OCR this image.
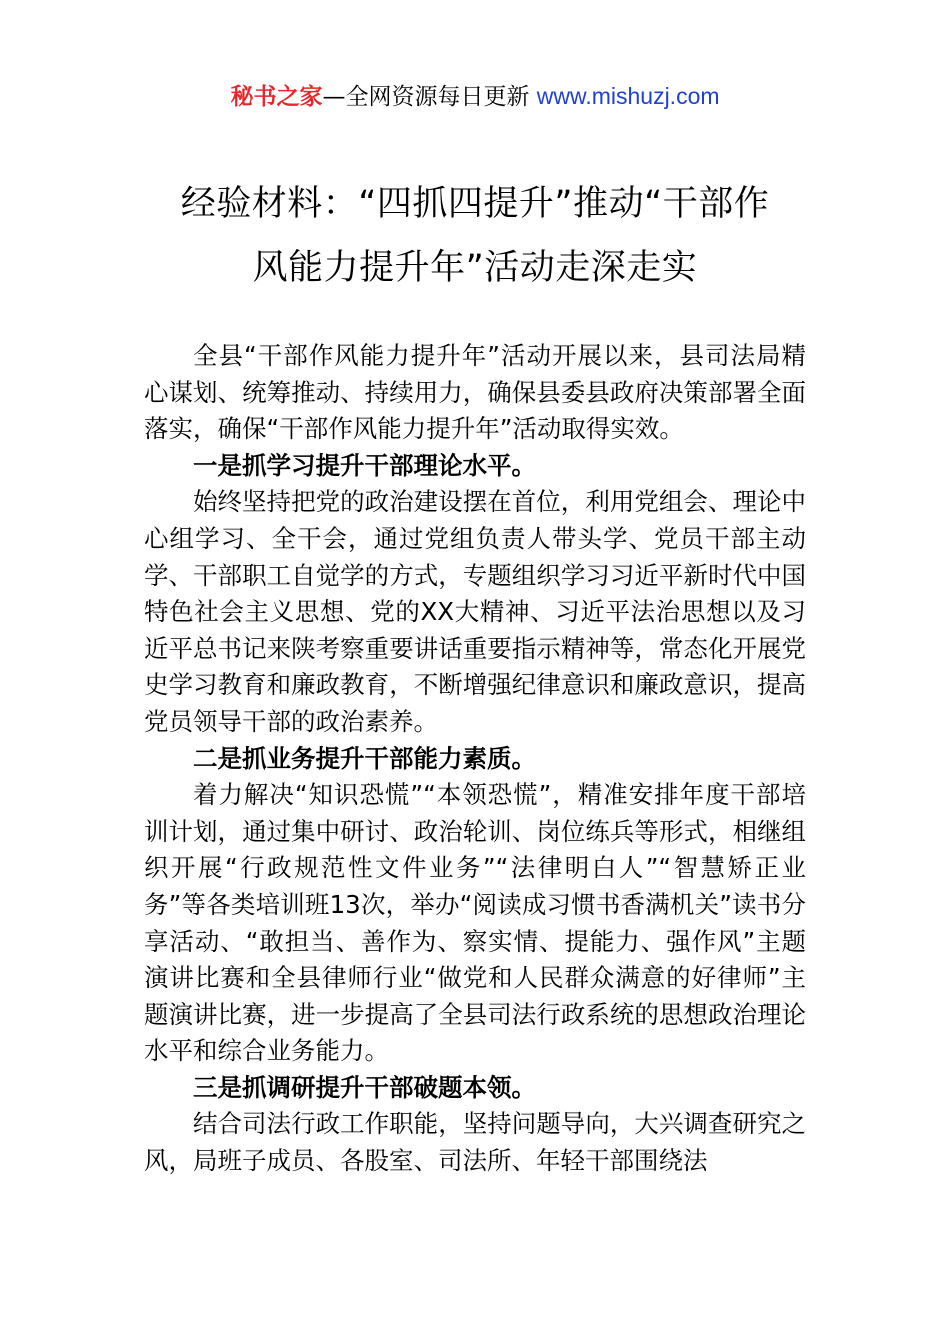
秘书之家—全网资源每日更新 www.mishuzj.com
经验材料：“四抓四提升”推动“干部作
风能力提升年”活动走深走实

全县“干部作风能力提升年”活动开展以来，县司法局精心谋划、统筹推动、持续用力，确保县委县政府决策部署全面落实，确保“干部作风能力提升年”活动取得实效。

一是抓学习提升干部理论水平。

始终坚持把党的政治建设摆在首位，利用党组会、理论中心组学习、全干会，通过党组负责人带头学、党员干部主动学、干部职工自觉学的方式，专题组织学习习近平新时代中国特色社会主义思想、党的XX大精神、习近平法治思想以及习近平总书记来陕考察重要讲话重要指示精神等，常态化开展党史学习教育和廉政教育，不断增强纪律意识和廉政意识，提高党员领导干部的政治素养。

二是抓业务提升干部能力素质。

着力解决“知识恐慌”“本领恐慌”，精准安排年度干部培训计划，通过集中研讨、政治轮训、岗位练兵等形式，相继组织开展“行政规范性文件业务”“法律明白人”“智慧矫正业务”等各类培训班13次，举办“阅读成习惯书香满机关”读书分享活动、“敢担当、善作为、察实情、提能力、强作风”主题演讲比赛和全县律师行业“做党和人民群众满意的好律师”主题演讲比赛，进一步提高了全县司法行政系统的思想政治理论水平和综合业务能力。

三是抓调研提升干部破题本领。

结合司法行政工作职能，坚持问题导向，大兴调查研究之风，局班子成员、各股室、司法所、年轻干部围绕法
